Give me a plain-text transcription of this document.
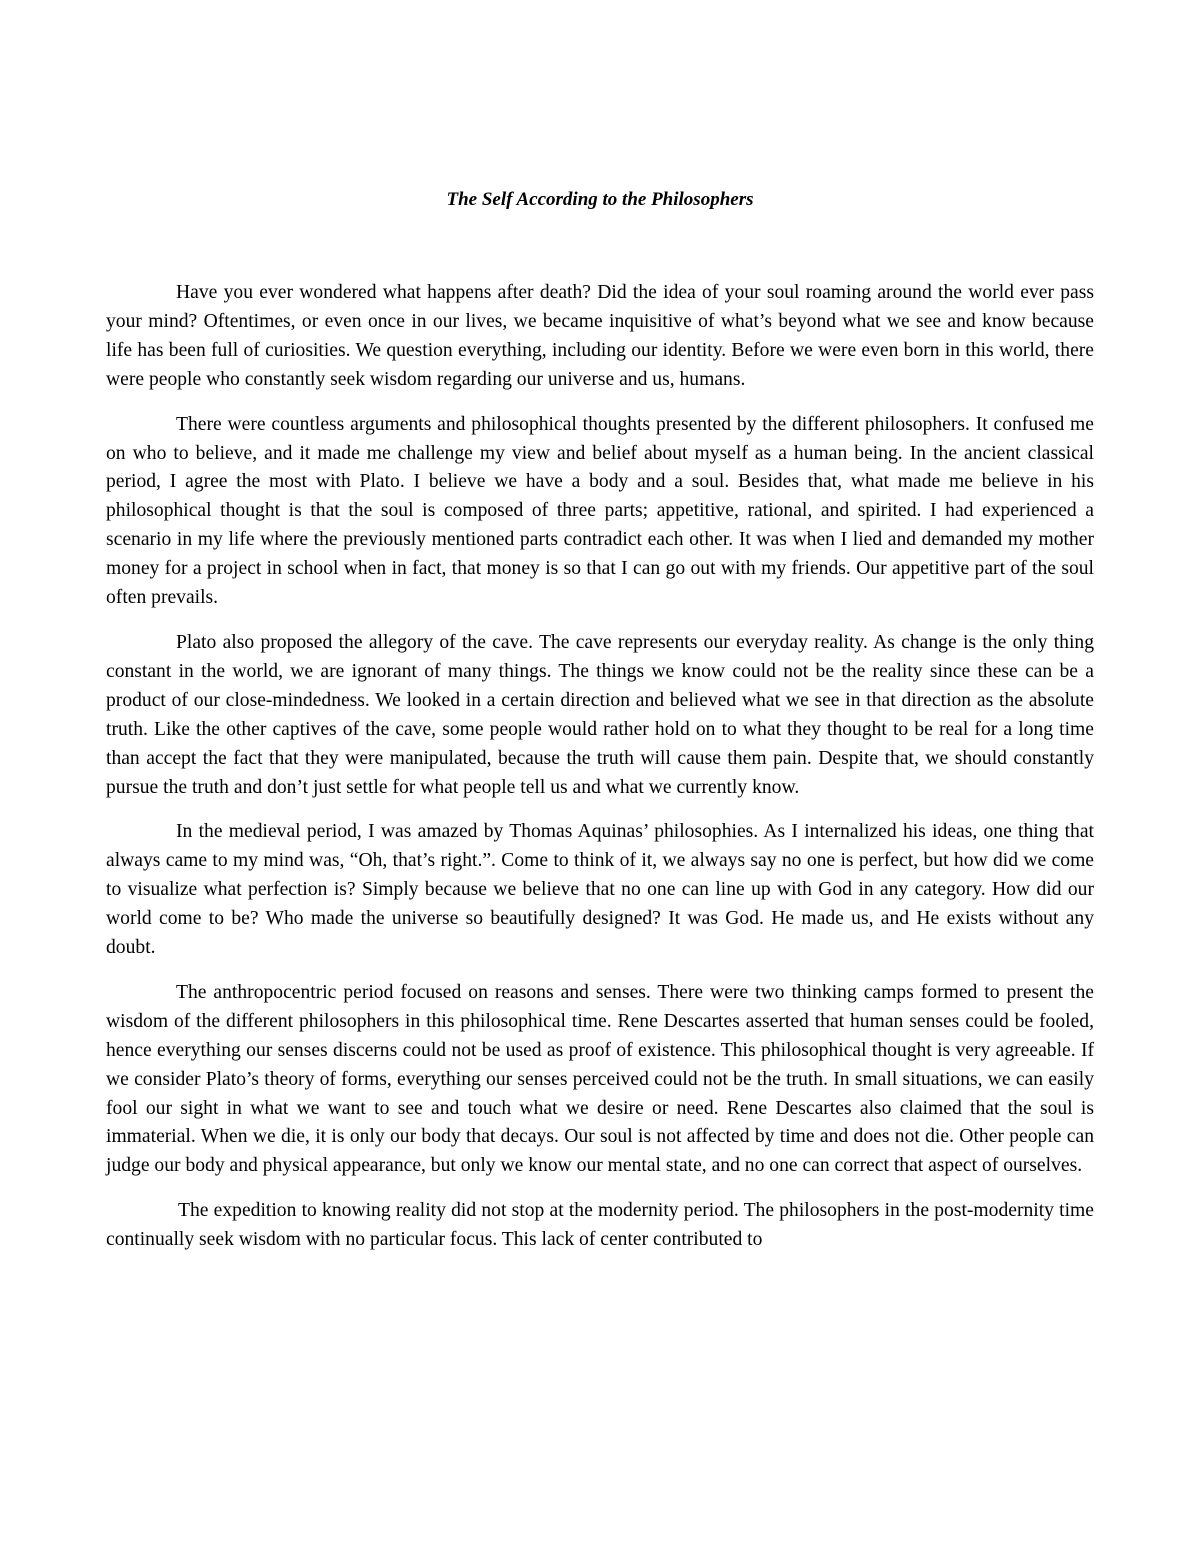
The Self According to the Philosophers

Have you ever wondered what happens after death? Did the idea of your soul roaming around the world ever pass your mind? Oftentimes, or even once in our lives, we became inquisitive of what’s beyond what we see and know because life has been full of curiosities. We question everything, including our identity. Before we were even born in this world, there were people who constantly seek wisdom regarding our universe and us, humans.

There were countless arguments and philosophical thoughts presented by the different philosophers. It confused me on who to believe, and it made me challenge my view and belief about myself as a human being. In the ancient classical period, I agree the most with Plato. I believe we have a body and a soul. Besides that, what made me believe in his philosophical thought is that the soul is composed of three parts; appetitive, rational, and spirited. I had experienced a scenario in my life where the previously mentioned parts contradict each other. It was when I lied and demanded my mother money for a project in school when in fact, that money is so that I can go out with my friends. Our appetitive part of the soul often prevails.

Plato also proposed the allegory of the cave. The cave represents our everyday reality. As change is the only thing constant in the world, we are ignorant of many things. The things we know could not be the reality since these can be a product of our close-mindedness. We looked in a certain direction and believed what we see in that direction as the absolute truth. Like the other captives of the cave, some people would rather hold on to what they thought to be real for a long time than accept the fact that they were manipulated, because the truth will cause them pain. Despite that, we should constantly pursue the truth and don’t just settle for what people tell us and what we currently know.

In the medieval period, I was amazed by Thomas Aquinas’ philosophies. As I internalized his ideas, one thing that always came to my mind was, “Oh, that’s right.”. Come to think of it, we always say no one is perfect, but how did we come to visualize what perfection is? Simply because we believe that no one can line up with God in any category. How did our world come to be? Who made the universe so beautifully designed? It was God. He made us, and He exists without any doubt.

The anthropocentric period focused on reasons and senses. There were two thinking camps formed to present the wisdom of the different philosophers in this philosophical time. Rene Descartes asserted that human senses could be fooled, hence everything our senses discerns could not be used as proof of existence. This philosophical thought is very agreeable. If we consider Plato’s theory of forms, everything our senses perceived could not be the truth. In small situations, we can easily fool our sight in what we want to see and touch what we desire or need. Rene Descartes also claimed that the soul is immaterial. When we die, it is only our body that decays. Our soul is not affected by time and does not die. Other people can judge our body and physical appearance, but only we know our mental state, and no one can correct that aspect of ourselves.

The expedition to knowing reality did not stop at the modernity period. The philosophers in the post-modernity time continually seek wisdom with no particular focus. This lack of center contributed to
